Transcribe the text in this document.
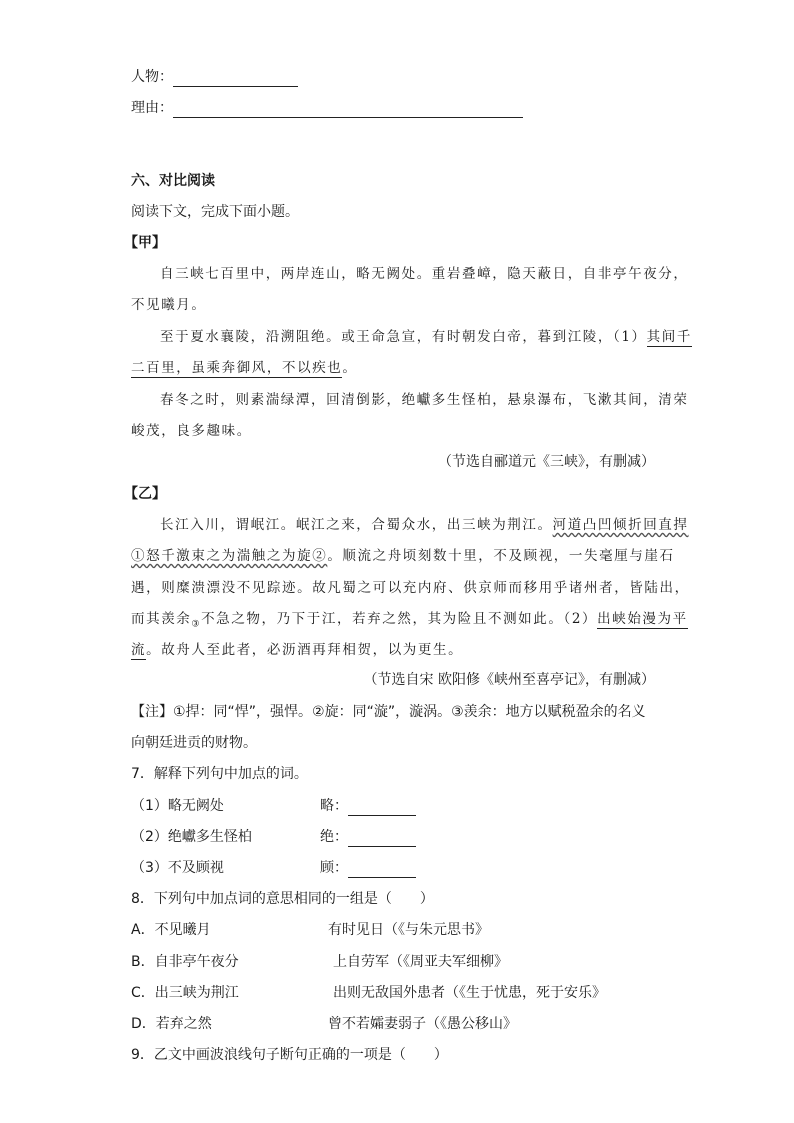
人物：
理由：
六、对比阅读
阅读下文，完成下面小题。
【甲】
自三峡七百里中，两岸连山，略无阙处。重岩叠嶂，隐天蔽日，自非亭午夜分，
不见曦月。
至于夏水襄陵，沿溯阻绝。或王命急宣，有时朝发白帝，暮到江陵，（1）其间千
二百里，虽乘奔御风，不以疾也。
春冬之时，则素湍绿潭，回清倒影，绝巘多生怪柏，悬泉瀑布，飞漱其间，清荣
峻茂，良多趣味。
（节选自郦道元《三峡》，有删减）
【乙】
长江入川，谓岷江。岷江之来，合蜀众水，出三峡为荆江。河道凸凹倾折回直捍
①怒千激束之为湍触之为旋②。顺流之舟顷刻数十里，不及顾视，一失毫厘与崖石
遇，则糜溃漂没不见踪迹。故凡蜀之可以充内府、供京师而移用乎诸州者，皆陆出，
而其羡余$_③$不急之物，乃下于江，若弃之然，其为险且不测如此。（2）出峡始漫为平
流。故舟人至此者，必沥酒再拜相贺，以为更生。
（节选自宋 欧阳修《峡州至喜亭记》，有删减）
【注】①捍：同“悍”，强悍。②旋：同“漩”，漩涡。③羡余：地方以赋税盈余的名义
向朝廷进贡的财物。
7．解释下列句中加点的词。
（1）略无阙处	略：
（2）绝巘多生怪柏	绝：
（3）不及顾视	顾：
8．下列句中加点词的意思相同的一组是（　　）
A．不见曦月	有时见日（《与朱元思书》
B．自非亭午夜分	上自劳军（《周亚夫军细柳》
C．出三峡为荆江	出则无敌国外患者（《生于忧患，死于安乐》
D．若弃之然	曾不若孀妻弱子（《愚公移山》
9．乙文中画波浪线句子断句正确的一项是（　　）
